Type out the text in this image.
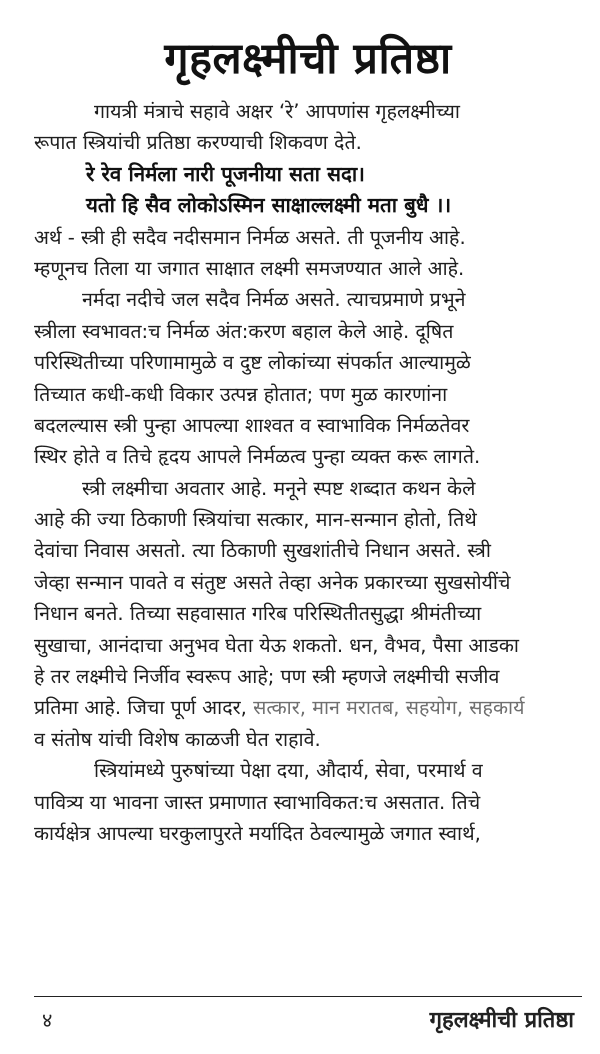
गृहलक्ष्मीची प्रतिष्ठा
गायत्री मंत्राचे सहावे अक्षर ‘रे’ आपणांस गृहलक्ष्मीच्या
रूपात स्त्रियांची प्रतिष्ठा करण्याची शिकवण देते.
रे रेव निर्मला नारी पूजनीया सता सदा।
यतो हि सैव लोकोऽस्मिन साक्षाल्लक्ष्मी मता बुधै ।।
अर्थ - स्त्री ही सदैव नदीसमान निर्मळ असते. ती पूजनीय आहे.
म्हणूनच तिला या जगात साक्षात लक्ष्मी समजण्यात आले आहे.
नर्मदा नदीचे जल सदैव निर्मळ असते. त्याचप्रमाणे प्रभूने
स्त्रीला स्वभावत:च निर्मळ अंत:करण बहाल केले आहे. दूषित
परिस्थितीच्या परिणामामुळे व दुष्ट लोकांच्या संपर्कात आल्यामुळे
तिच्यात कधी-कधी विकार उत्पन्न होतात; पण मुळ कारणांना
बदलल्यास स्त्री पुन्हा आपल्या शाश्वत व स्वाभाविक निर्मळतेवर
स्थिर होते व तिचे हृदय आपले निर्मळत्व पुन्हा व्यक्त करू लागते.
स्त्री लक्ष्मीचा अवतार आहे. मनूने स्पष्ट शब्दात कथन केले
आहे की ज्या ठिकाणी स्त्रियांचा सत्कार, मान-सन्मान होतो, तिथे
देवांचा निवास असतो. त्या ठिकाणी सुखशांतीचे निधान असते. स्त्री
जेव्हा सन्मान पावते व संतुष्ट असते तेव्हा अनेक प्रकारच्या सुखसोयींचे
निधान बनते. तिच्या सहवासात गरिब परिस्थितीतसुद्धा श्रीमंतीच्या
सुखाचा, आनंदाचा अनुभव घेता येऊ शकतो. धन, वैभव, पैसा आडका
हे तर लक्ष्मीचे निर्जीव स्वरूप आहे; पण स्त्री म्हणजे लक्ष्मीची सजीव
प्रतिमा आहे. जिचा पूर्ण आदर, सत्कार, मान मरातब, सहयोग, सहकार्य
व संतोष यांची विशेष काळजी घेत राहावे.
स्त्रियांमध्ये पुरुषांच्या पेक्षा दया, औदार्य, सेवा, परमार्थ व
पावित्र्य या भावना जास्त प्रमाणात स्वाभाविकत:च असतात. तिचे
कार्यक्षेत्र आपल्या घरकुलापुरते मर्यादित ठेवल्यामुळे जगात स्वार्थ,
४	गृहलक्ष्मीची प्रतिष्ठा
